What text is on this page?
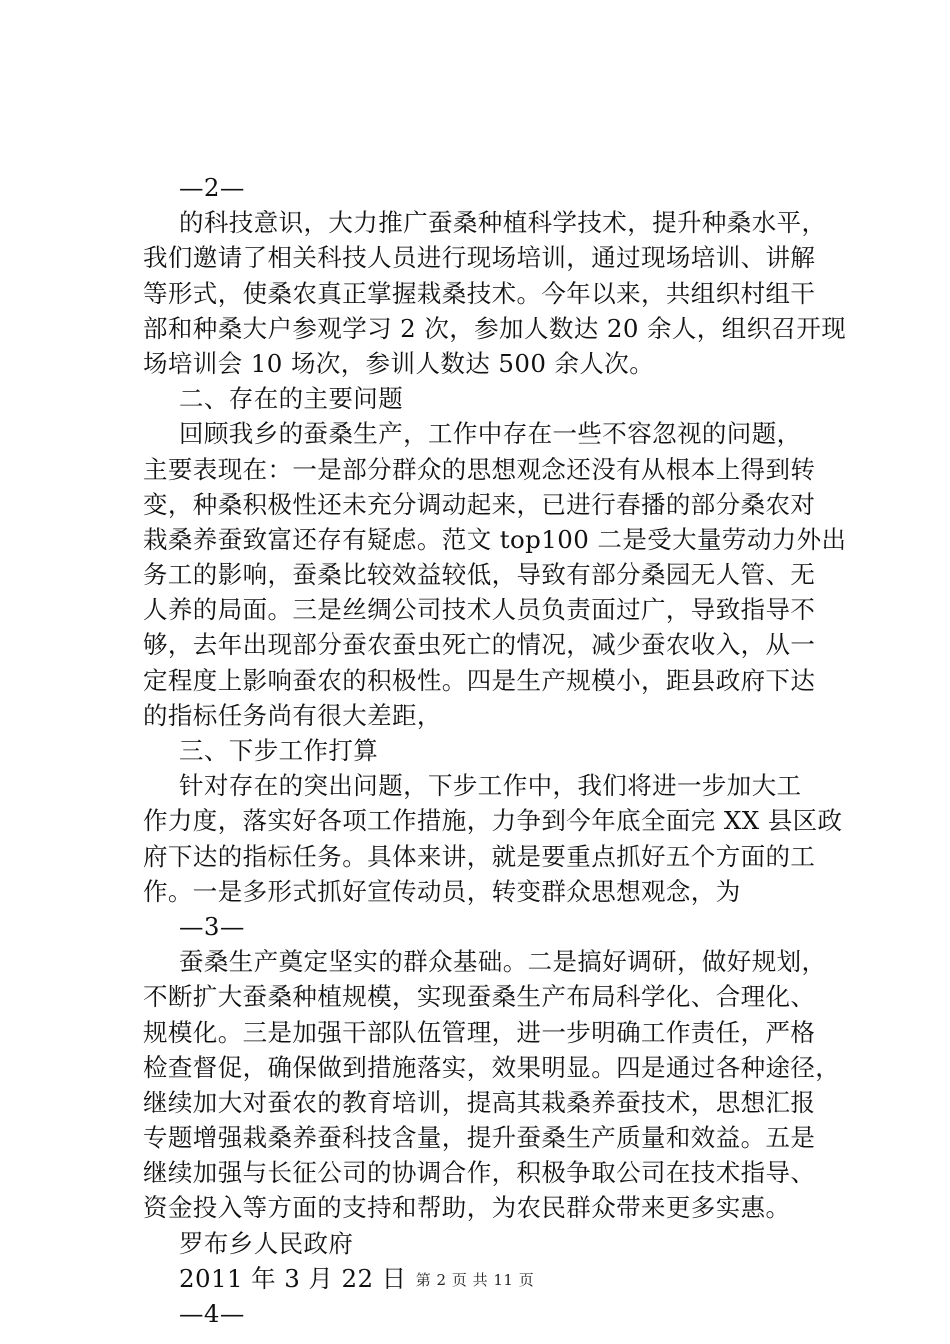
—2—
的科技意识，大力推广蚕桑种植科学技术，提升种桑水平，
我们邀请了相关科技人员进行现场培训，通过现场培训、讲解
等形式，使桑农真正掌握栽桑技术。今年以来，共组织村组干
部和种桑大户参观学习 2 次，参加人数达 20 余人，组织召开现
场培训会 10 场次，参训人数达 500 余人次。
二、存在的主要问题
回顾我乡的蚕桑生产，工作中存在一些不容忽视的问题，
主要表现在：一是部分群众的思想观念还没有从根本上得到转
变，种桑积极性还未充分调动起来，已进行春播的部分桑农对
栽桑养蚕致富还存有疑虑。范文 top100 二是受大量劳动力外出
务工的影响，蚕桑比较效益较低，导致有部分桑园无人管、无
人养的局面。三是丝绸公司技术人员负责面过广，导致指导不
够，去年出现部分蚕农蚕虫死亡的情况，减少蚕农收入，从一
定程度上影响蚕农的积极性。四是生产规模小，距县政府下达
的指标任务尚有很大差距，
三、下步工作打算
针对存在的突出问题，下步工作中，我们将进一步加大工
作力度，落实好各项工作措施，力争到今年底全面完 XX 县区政
府下达的指标任务。具体来讲，就是要重点抓好五个方面的工
作。一是多形式抓好宣传动员，转变群众思想观念，为
—3—
蚕桑生产奠定坚实的群众基础。二是搞好调研，做好规划，
不断扩大蚕桑种植规模，实现蚕桑生产布局科学化、合理化、
规模化。三是加强干部队伍管理，进一步明确工作责任，严格
检查督促，确保做到措施落实，效果明显。四是通过各种途径，
继续加大对蚕农的教育培训，提高其栽桑养蚕技术，思想汇报
专题增强栽桑养蚕科技含量，提升蚕桑生产质量和效益。五是
继续加强与长征公司的协调合作，积极争取公司在技术指导、
资金投入等方面的支持和帮助，为农民群众带来更多实惠。
罗布乡人民政府
2011 年 3 月 22 日
—4—
第 2 页 共 11 页
